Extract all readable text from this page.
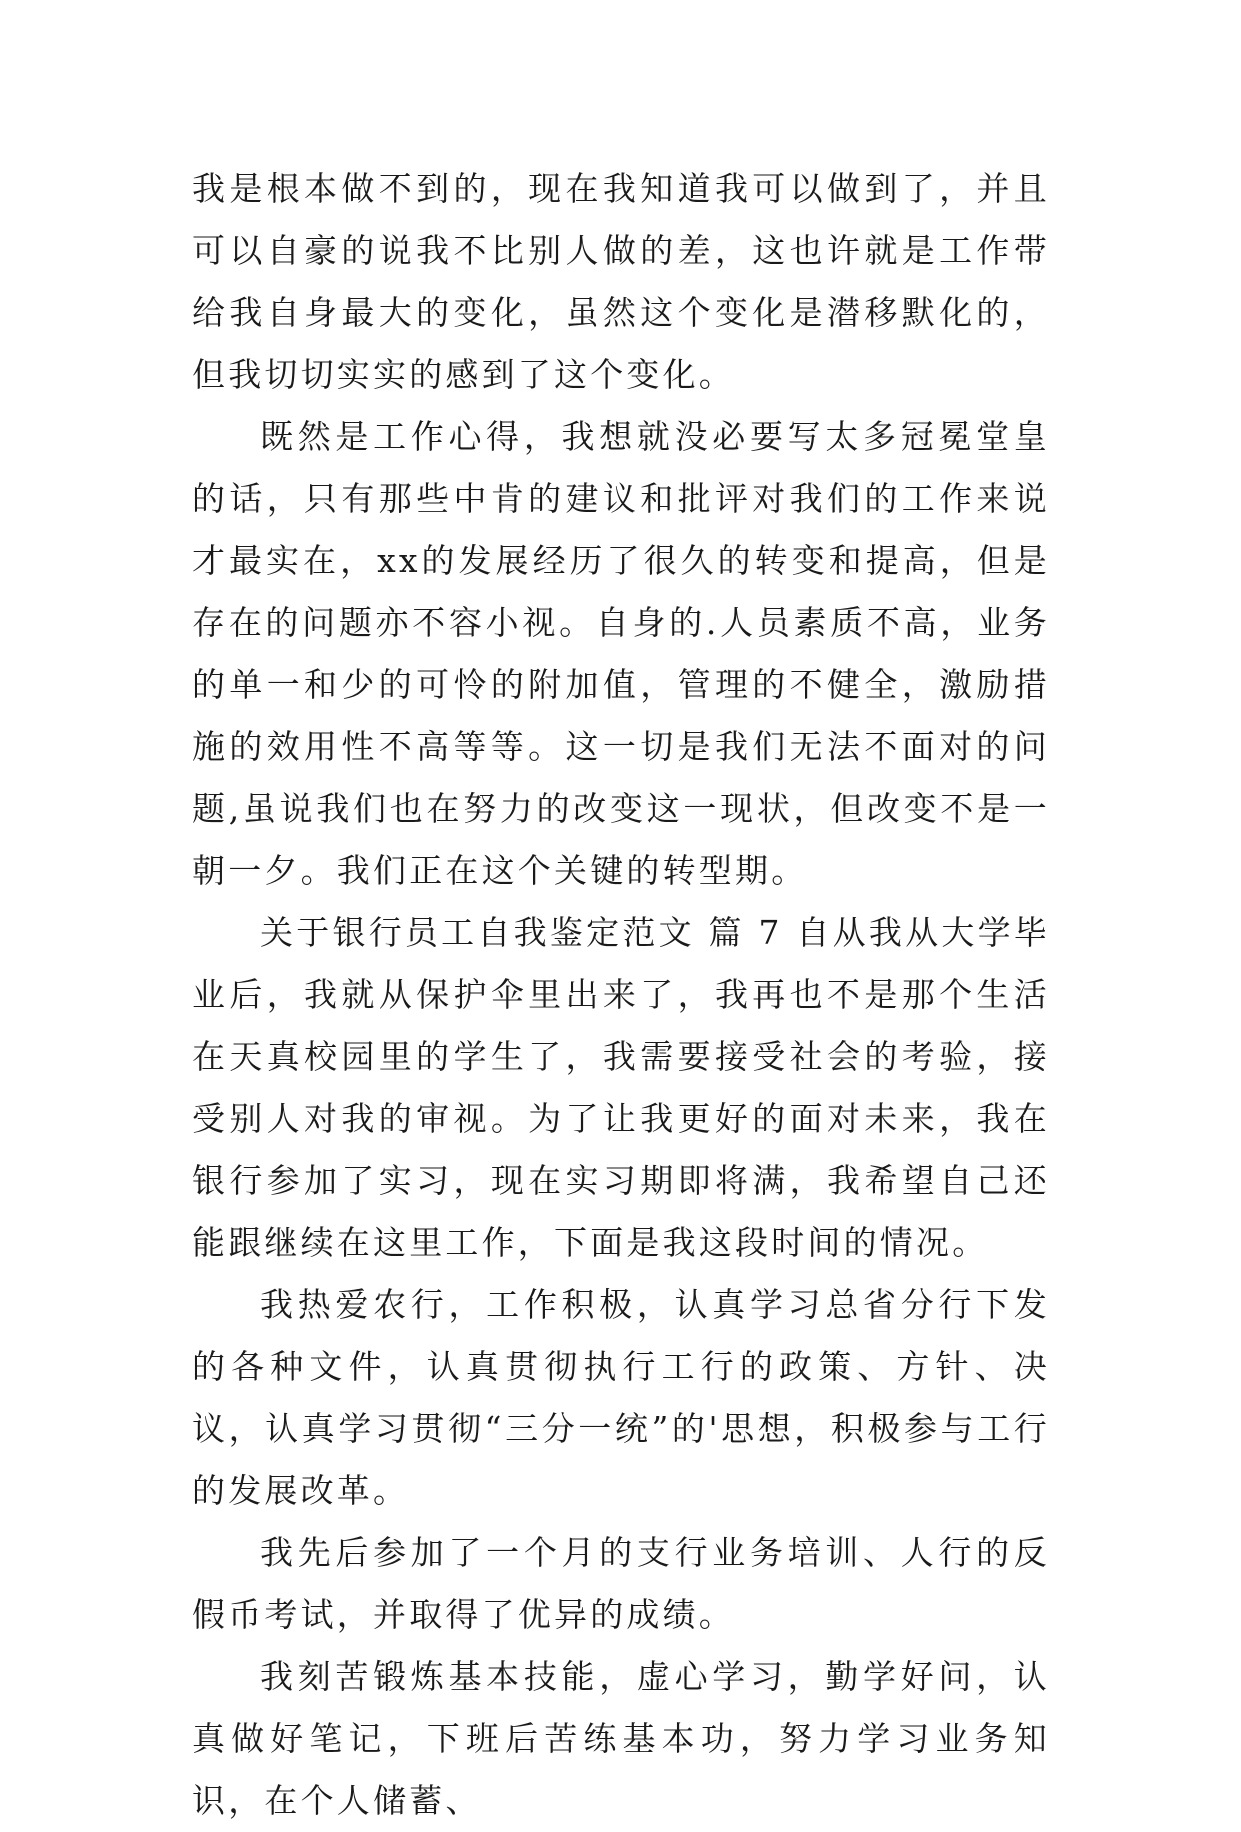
我是根本做不到的，现在我知道我可以做到了，并且可以自豪的说我不比别人做的差，这也许就是工作带给我自身最大的变化，虽然这个变化是潜移默化的，但我切切实实的感到了这个变化。

既然是工作心得，我想就没必要写太多冠冕堂皇的话，只有那些中肯的建议和批评对我们的工作来说才最实在，xx的发展经历了很久的转变和提高，但是存在的问题亦不容小视。自身的.人员素质不高，业务的单一和少的可怜的附加值，管理的不健全，激励措施的效用性不高等等。这一切是我们无法不面对的问题,虽说我们也在努力的改变这一现状，但改变不是一朝一夕。我们正在这个关键的转型期。

关于银行员工自我鉴定范文 篇 7 自从我从大学毕业后，我就从保护伞里出来了，我再也不是那个生活在天真校园里的学生了，我需要接受社会的考验，接受别人对我的审视。为了让我更好的面对未来，我在银行参加了实习，现在实习期即将满，我希望自己还能跟继续在这里工作，下面是我这段时间的情况。

我热爱农行，工作积极，认真学习总省分行下发的各种文件，认真贯彻执行工行的政策、方针、决议，认真学习贯彻“三分一统”的'思想，积极参与工行的发展改革。

我先后参加了一个月的支行业务培训、人行的反假币考试，并取得了优异的成绩。

我刻苦锻炼基本技能，虚心学习，勤学好问，认真做好笔记，下班后苦练基本功，努力学习业务知识，在个人储蓄、
